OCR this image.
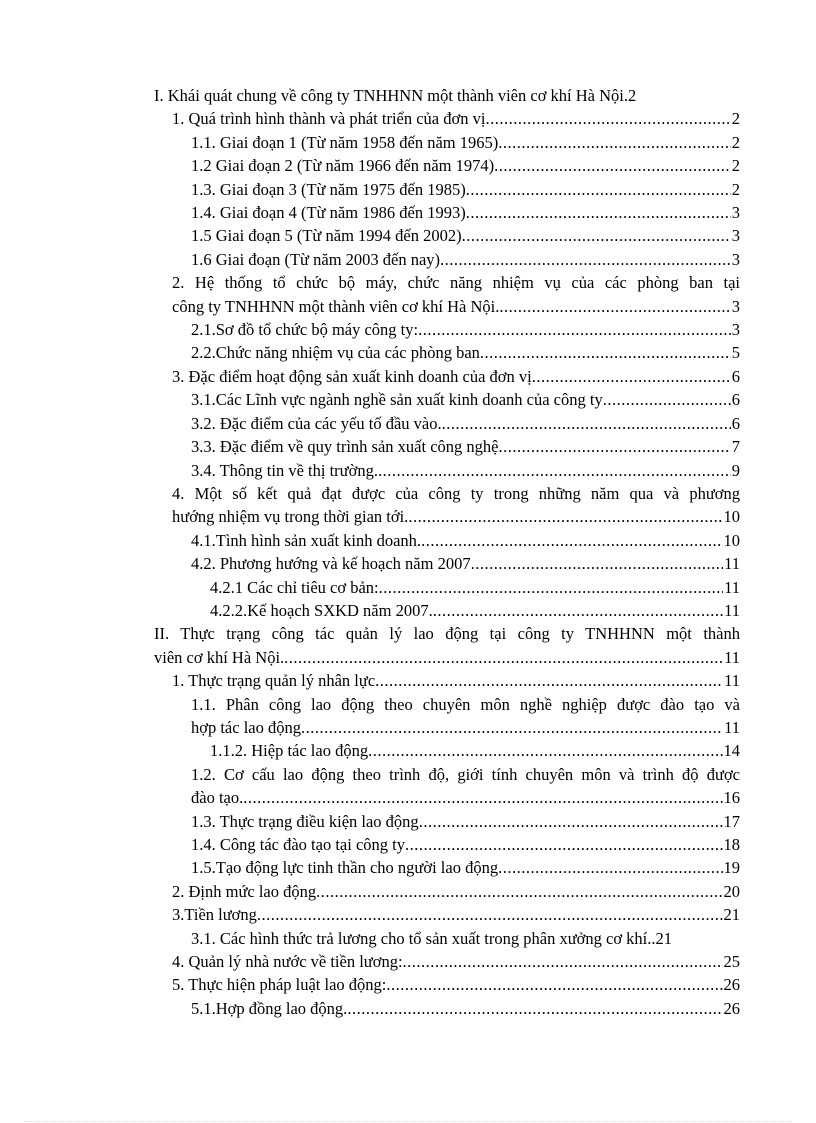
I. Khái quát chung về công ty TNHHNN một thành viên cơ khí Hà Nội. 2
1. Quá trình hình thành và phát triển của đơn vị .....	2
1.1. Giai đoạn 1 (Từ năm 1958 đến năm 1965) .....	2
1.2 Giai đoạn 2 (Từ năm 1966 đến năm 1974) .....	2
1.3. Giai đoạn 3 (Từ năm 1975 đến 1985) .....	2
1.4. Giai đoạn 4 (Từ năm 1986 đến 1993) .....	3
1.5 Giai đoạn 5 (Từ năm 1994 đến 2002) .....	3
1.6 Giai đoạn (Từ năm 2003 đến nay) .....	3
2. Hệ thống tổ chức bộ máy, chức năng nhiệm vụ của các phòng ban tại
công ty TNHHNN một thành viên cơ khí Hà Nội. .....	3
2.1.Sơ đồ tổ chức bộ máy công ty: .....	3
2.2.Chức năng nhiệm vụ của các phòng ban .....	5
3. Đặc điểm hoạt động sản xuất kinh doanh của đơn vị .....	6
3.1.Các Lĩnh vực ngành nghề sản xuất kinh doanh của công ty .....	6
3.2. Đặc điểm của các yếu tố đầu vào. .....	6
3.3. Đặc điểm về quy trình sản xuất công nghệ .....	7
3.4. Thông tin về thị trường. .....	9
4. Một số kết quả đạt được của công ty trong những năm qua và phương
hướng nhiệm vụ trong thời gian tới. .....	10
4.1.Tình hình sản xuất kinh doanh. .....	10
4.2. Phương hướng và kế hoạch năm 2007 .....	11
4.2.1 Các chỉ tiêu cơ bản: .....	11
4.2.2.Kế hoạch SXKD năm 2007. .....	11
II. Thực trạng công tác quản lý lao động tại công ty TNHHNN một thành
viên cơ khí Hà Nội. .....	11
1. Thực trạng quản lý nhân lực .....	11
1.1. Phân công lao động theo chuyên môn nghề nghiệp được đào tạo và
hợp tác lao động .....	11
1.1.2. Hiệp tác lao động .....	14
1.2. Cơ cấu lao động theo trình độ, giới tính chuyên môn và trình độ được
đào tạo. .....	16
1.3. Thực trạng điều kiện lao động .....	17
1.4. Công tác đào tạo tại công ty .....	18
1.5.Tạo động lực tinh thần cho người lao động .....	19
2. Định mức lao động .....	20
3.Tiền lương .....	21
3.1. Các hình thức trả lương cho tổ sản xuất trong phân xưởng cơ khí. .21
4. Quản lý nhà nước về tiền lương: .....	25
5. Thực hiện pháp luật lao động: .....	26
5.1.Hợp đồng lao động. .....	26
